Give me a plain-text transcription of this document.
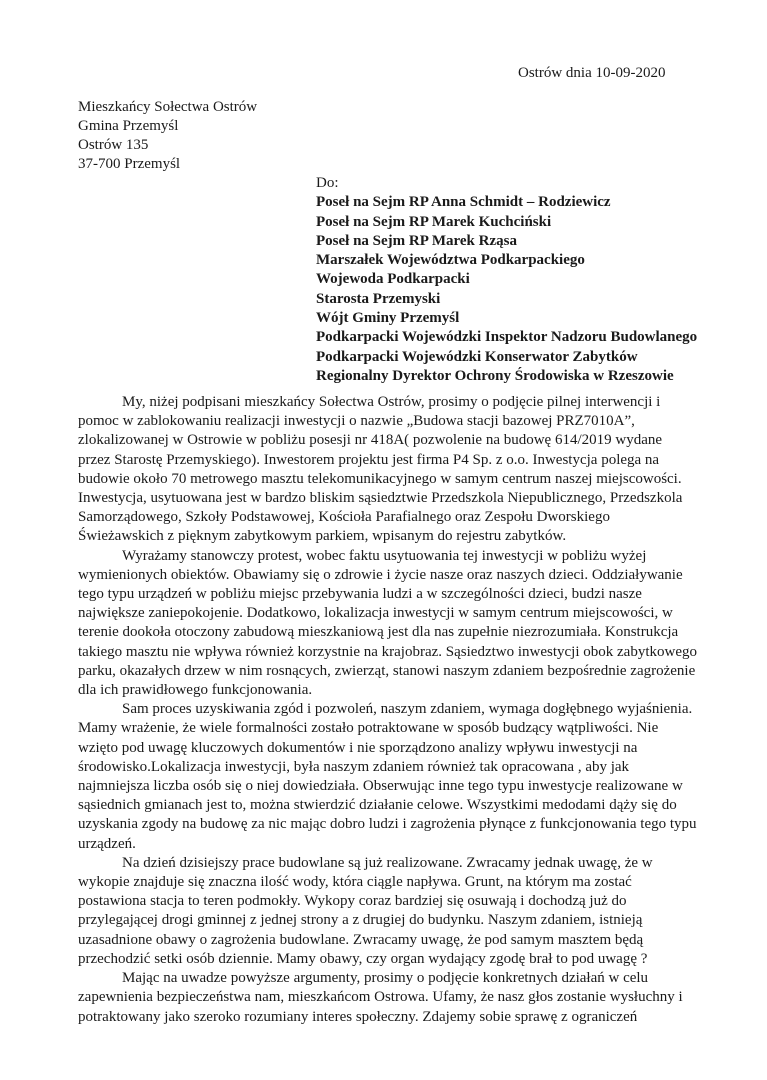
Ostrów dnia 10-09-2020
Mieszkańcy Sołectwa Ostrów
Gmina Przemyśl
Ostrów 135
37-700 Przemyśl
Do:
Poseł na Sejm RP Anna Schmidt – Rodziewicz
Poseł na Sejm RP Marek Kuchciński
Poseł na Sejm RP Marek Rząsa
Marszałek Województwa Podkarpackiego
Wojewoda Podkarpacki
Starosta Przemyski
Wójt Gminy Przemyśl
Podkarpacki Wojewódzki Inspektor Nadzoru Budowlanego
Podkarpacki Wojewódzki Konserwator Zabytków
Regionalny Dyrektor Ochrony Środowiska w Rzeszowie

My, niżej podpisani mieszkańcy Sołectwa Ostrów, prosimy o podjęcie pilnej interwencji i pomoc w zablokowaniu realizacji inwestycji o nazwie „Budowa stacji bazowej PRZ7010A”, zlokalizowanej w Ostrowie w pobliżu posesji nr 418A( pozwolenie na budowę 614/2019 wydane przez Starostę Przemyskiego). Inwestorem projektu jest firma P4 Sp. z o.o. Inwestycja polega na budowie około 70 metrowego masztu telekomunikacyjnego w samym centrum naszej miejscowości. Inwestycja, usytuowana jest w bardzo bliskim sąsiedztwie Przedszkola Niepublicznego, Przedszkola Samorządowego, Szkoły Podstawowej, Kościoła Parafialnego oraz Zespołu Dworskiego Świeżawskich z pięknym zabytkowym parkiem, wpisanym do rejestru zabytków.

Wyrażamy stanowczy protest, wobec faktu usytuowania tej inwestycji w pobliżu wyżej wymienionych obiektów. Obawiamy się o zdrowie i życie nasze oraz naszych dzieci. Oddziaływanie tego typu urządzeń w pobliżu miejsc przebywania ludzi a w szczególności dzieci, budzi nasze największe zaniepokojenie. Dodatkowo, lokalizacja inwestycji w samym centrum miejscowości, w terenie dookoła otoczony zabudową mieszkaniową jest dla nas zupełnie niezrozumiała. Konstrukcja takiego masztu nie wpływa również korzystnie na krajobraz. Sąsiedztwo inwestycji obok zabytkowego parku, okazałych drzew w nim rosnących, zwierząt, stanowi naszym zdaniem bezpośrednie zagrożenie dla ich prawidłowego funkcjonowania.

Sam proces uzyskiwania zgód i pozwoleń, naszym zdaniem, wymaga dogłębnego wyjaśnienia. Mamy wrażenie, że wiele formalności zostało potraktowane w sposób budzący wątpliwości. Nie wzięto pod uwagę kluczowych dokumentów i nie sporządzono analizy wpływu inwestycji na środowisko.Lokalizacja inwestycji, była naszym zdaniem również tak opracowana , aby jak najmniejsza liczba osób się o niej dowiedziała. Obserwując inne tego typu inwestycje realizowane w sąsiednich gmianach jest to, można stwierdzić działanie celowe. Wszystkimi medodami dąży się do uzyskania zgody na budowę za nic mając dobro ludzi i zagrożenia płynące z funkcjonowania tego typu urządzeń.

Na dzień dzisiejszy prace budowlane są już realizowane. Zwracamy jednak uwagę, że w wykopie znajduje się znaczna ilość wody, która ciągle napływa. Grunt, na którym ma zostać postawiona stacja to teren podmokły. Wykopy coraz bardziej się osuwają i dochodzą już do przylegającej drogi gminnej z jednej strony a z drugiej do budynku. Naszym zdaniem, istnieją uzasadnione obawy o zagrożenia budowlane. Zwracamy uwagę, że pod samym masztem będą przechodzić setki osób dziennie. Mamy obawy, czy organ wydający zgodę brał to pod uwagę ?

Mając na uwadze powyższe argumenty, prosimy o podjęcie konkretnych działań w celu zapewnienia bezpieczeństwa nam, mieszkańcom Ostrowa. Ufamy, że nasz głos zostanie wysłuchny i potraktowany jako szeroko rozumiany interes społeczny. Zdajemy sobie sprawę z ograniczeń
